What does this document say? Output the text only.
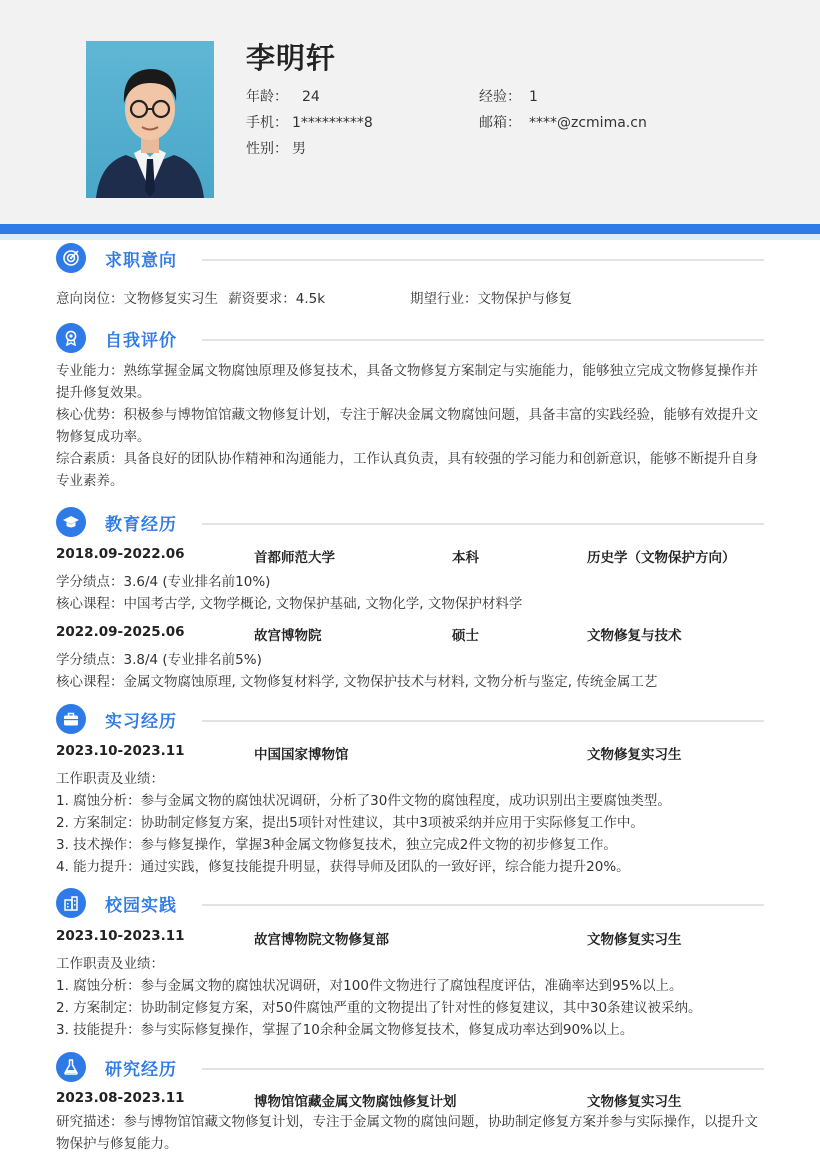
李明轩
年龄： 24	经验： 1
手机： 1*********8	邮箱： ****@zcmima.cn
性别： 男
求职意向
意向岗位：文物修复实习生 薪资要求：4.5k	期望行业：文物保护与修复
自我评价
专业能力：熟练掌握金属文物腐蚀原理及修复技术，具备文物修复方案制定与实施能力，能够独立完成文物修复操作并提升修复效果。
核心优势：积极参与博物馆馆藏文物修复计划，专注于解决金属文物腐蚀问题，具备丰富的实践经验，能够有效提升文物修复成功率。
综合素质：具备良好的团队协作精神和沟通能力，工作认真负责，具有较强的学习能力和创新意识，能够不断提升自身专业素养。
教育经历
2018.09-2022.06	首都师范大学	本科	历史学（文物保护方向）
学分绩点：3.6/4 (专业排名前10%)
核心课程：中国考古学, 文物学概论, 文物保护基础, 文物化学, 文物保护材料学
2022.09-2025.06	故宫博物院	硕士	文物修复与技术
学分绩点：3.8/4 (专业排名前5%)
核心课程：金属文物腐蚀原理, 文物修复材料学, 文物保护技术与材料, 文物分析与鉴定, 传统金属工艺
实习经历
2023.10-2023.11	中国国家博物馆	文物修复实习生
工作职责及业绩：
1. 腐蚀分析：参与金属文物的腐蚀状况调研，分析了30件文物的腐蚀程度，成功识别出主要腐蚀类型。
2. 方案制定：协助制定修复方案，提出5项针对性建议，其中3项被采纳并应用于实际修复工作中。
3. 技术操作：参与修复操作，掌握3种金属文物修复技术，独立完成2件文物的初步修复工作。
4. 能力提升：通过实践，修复技能提升明显，获得导师及团队的一致好评，综合能力提升20%。
校园实践
2023.10-2023.11	故宫博物院文物修复部	文物修复实习生
工作职责及业绩：
1. 腐蚀分析：参与金属文物的腐蚀状况调研，对100件文物进行了腐蚀程度评估，准确率达到95%以上。
2. 方案制定：协助制定修复方案，对50件腐蚀严重的文物提出了针对性的修复建议，其中30条建议被采纳。
3. 技能提升：参与实际修复操作，掌握了10余种金属文物修复技术，修复成功率达到90%以上。
研究经历
2023.08-2023.11	博物馆馆藏金属文物腐蚀修复计划	文物修复实习生
研究描述：参与博物馆馆藏文物修复计划，专注于金属文物的腐蚀问题，协助制定修复方案并参与实际操作，以提升文物保护与修复能力。
